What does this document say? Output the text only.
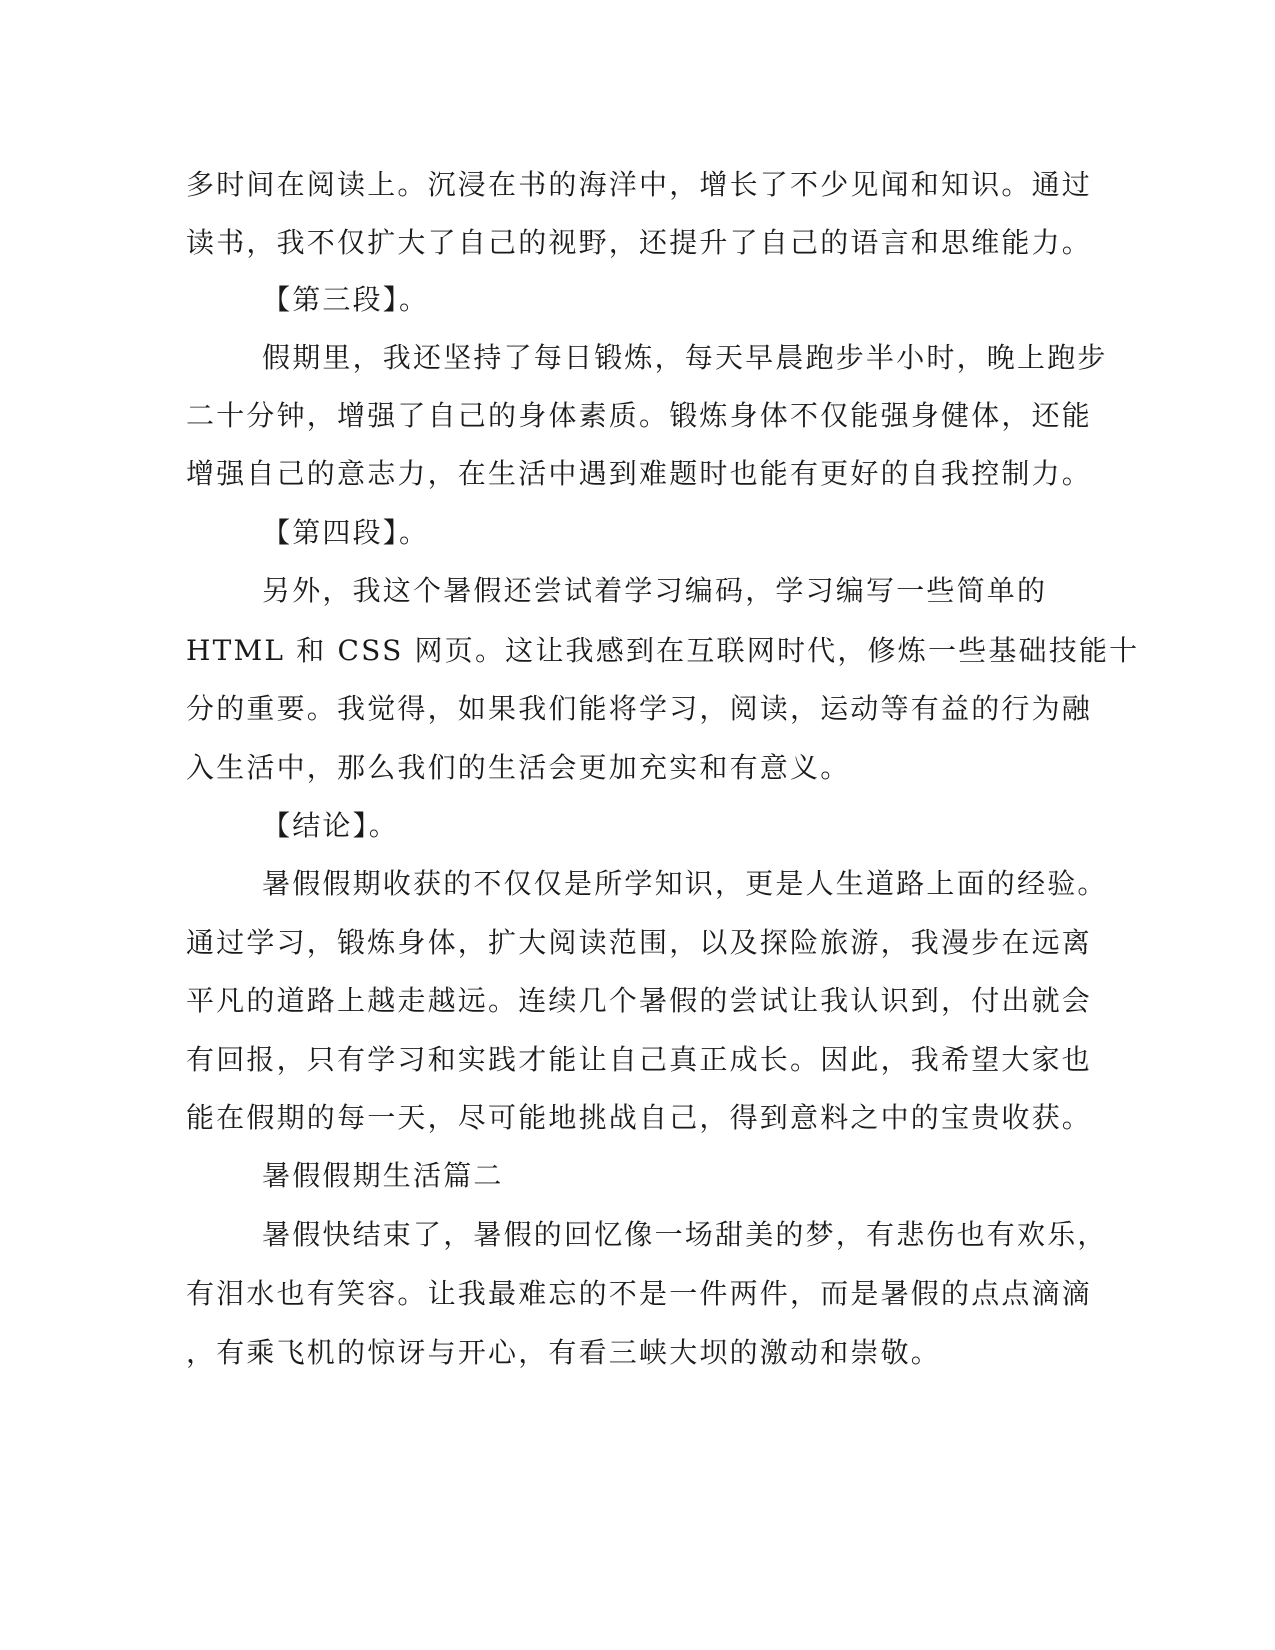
多时间在阅读上。沉浸在书的海洋中，增长了不少见闻和知识。通过
读书，我不仅扩大了自己的视野，还提升了自己的语言和思维能力。
【第三段】。
假期里，我还坚持了每日锻炼，每天早晨跑步半小时，晚上跑步
二十分钟，增强了自己的身体素质。锻炼身体不仅能强身健体，还能
增强自己的意志力，在生活中遇到难题时也能有更好的自我控制力。
【第四段】。
另外，我这个暑假还尝试着学习编码，学习编写一些简单的
HTML 和 CSS 网页。这让我感到在互联网时代，修炼一些基础技能十
分的重要。我觉得，如果我们能将学习，阅读，运动等有益的行为融
入生活中，那么我们的生活会更加充实和有意义。
【结论】。
暑假假期收获的不仅仅是所学知识，更是人生道路上面的经验。
通过学习，锻炼身体，扩大阅读范围，以及探险旅游，我漫步在远离
平凡的道路上越走越远。连续几个暑假的尝试让我认识到，付出就会
有回报，只有学习和实践才能让自己真正成长。因此，我希望大家也
能在假期的每一天，尽可能地挑战自己，得到意料之中的宝贵收获。
暑假假期生活篇二
暑假快结束了，暑假的回忆像一场甜美的梦，有悲伤也有欢乐，
有泪水也有笑容。让我最难忘的不是一件两件，而是暑假的点点滴滴
，有乘飞机的惊讶与开心，有看三峡大坝的激动和崇敬。
